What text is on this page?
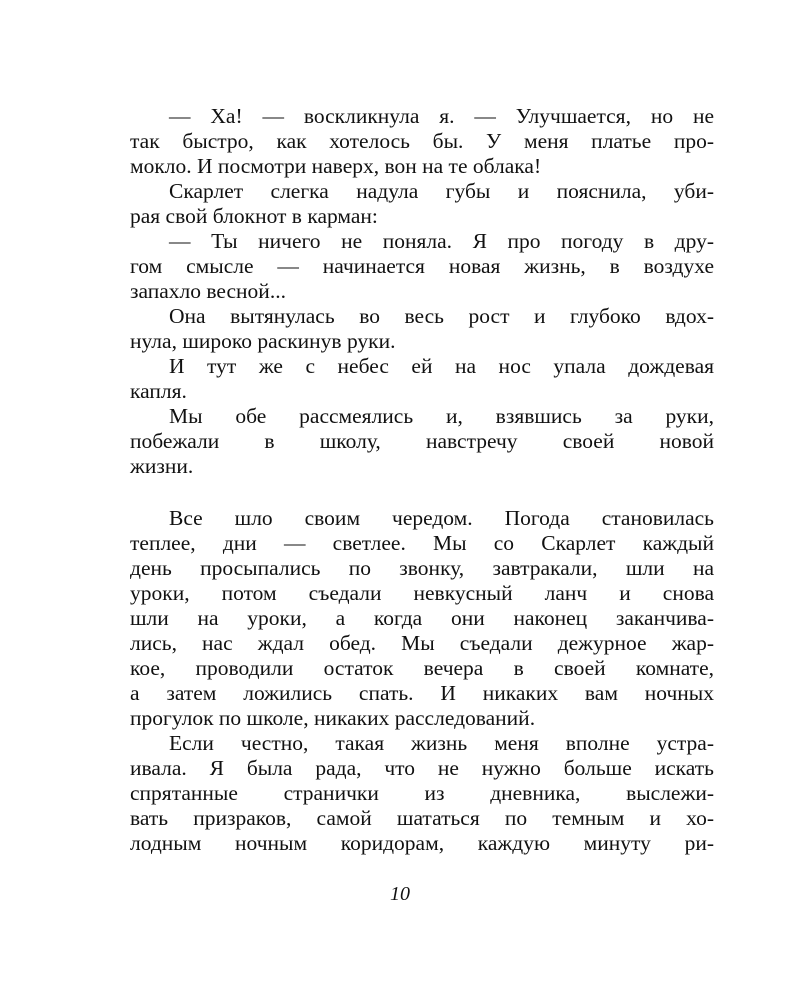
— Ха! — воскликнула я. — Улучшается, но не
так быстро, как хотелось бы. У меня платье про-
мокло. И посмотри наверх, вон на те облака!
Скарлет слегка надула губы и пояснила, уби-
рая свой блокнот в карман:
— Ты ничего не поняла. Я про погоду в дру-
гом смысле — начинается новая жизнь, в воздухе
запахло весной...
Она вытянулась во весь рост и глубоко вдох-
нула, широко раскинув руки.
И тут же с небес ей на нос упала дождевая
капля.
Мы обе рассмеялись и, взявшись за руки,
побежали в школу, навстречу своей новой
жизни.
Все шло своим чередом. Погода становилась
теплее, дни — светлее. Мы со Скарлет каждый
день просыпались по звонку, завтракали, шли на
уроки, потом съедали невкусный ланч и снова
шли на уроки, а когда они наконец заканчива-
лись, нас ждал обед. Мы съедали дежурное жар-
кое, проводили остаток вечера в своей комнате,
а затем ложились спать. И никаких вам ночных
прогулок по школе, никаких расследований.
Если честно, такая жизнь меня вполне устра-
ивала. Я была рада, что не нужно больше искать
спрятанные странички из дневника, выслежи-
вать призраков, самой шататься по темным и хо-
лодным ночным коридорам, каждую минуту ри-
10
